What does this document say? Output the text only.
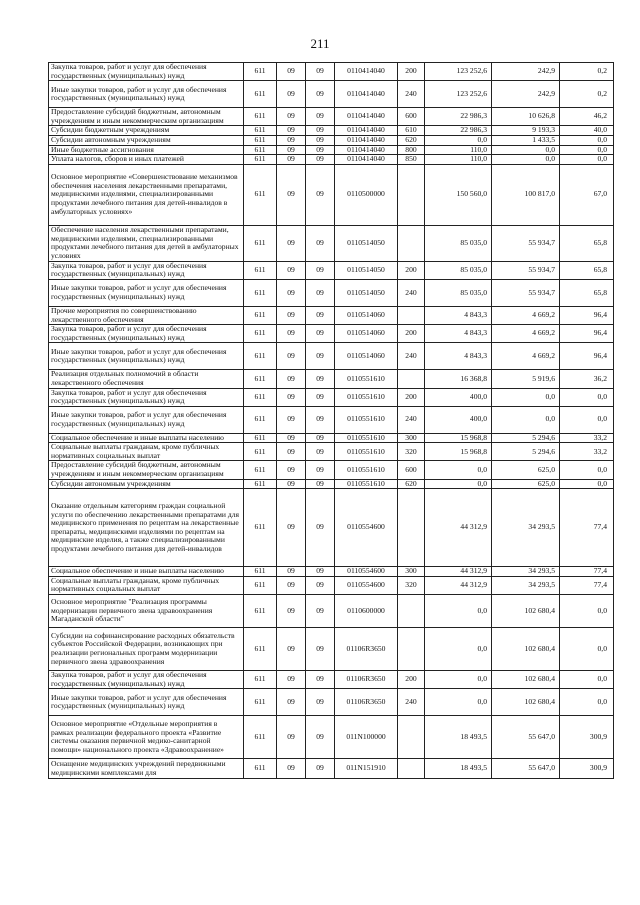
211
Закупка товаров, работ и услуг для обеспечения государственных (муниципальных) нужд	611	09	09	0110414040	200	123 252,6	242,9	0,2
Иные закупки товаров, работ и услуг для обеспечения государственных (муниципальных) нужд	611	09	09	0110414040	240	123 252,6	242,9	0,2
Предоставление субсидий бюджетным, автономным учреждениям и иным некоммерческим организациям	611	09	09	0110414040	600	22 986,3	10 626,8	46,2
Субсидии бюджетным учреждениям	611	09	09	0110414040	610	22 986,3	9 193,3	40,0
Субсидии автономным учреждениям	611	09	09	0110414040	620	0,0	1 433,5	0,0
Иные бюджетные ассигнования	611	09	09	0110414040	800	110,0	0,0	0,0
Уплата налогов, сборов и иных платежей	611	09	09	0110414040	850	110,0	0,0	0,0
Основное мероприятие «Совершенствование механизмов обеспечения населения лекарственными препаратами, медицинскими изделиями, специализированными продуктами лечебного питания для детей-инвалидов в амбулаторных условиях»	611	09	09	0110500000		150 560,0	100 817,0	67,0
Обеспечение населения лекарственными препаратами, медицинскими изделиями, специализированными продуктами лечебного питания для детей в амбулаторных условиях	611	09	09	0110514050		85 035,0	55 934,7	65,8
Закупка товаров, работ и услуг для обеспечения государственных (муниципальных) нужд	611	09	09	0110514050	200	85 035,0	55 934,7	65,8
Иные закупки товаров, работ и услуг для обеспечения государственных (муниципальных) нужд	611	09	09	0110514050	240	85 035,0	55 934,7	65,8
Прочие мероприятия по совершенствованию лекарственного обеспечения	611	09	09	0110514060		4 843,3	4 669,2	96,4
Закупка товаров, работ и услуг для обеспечения государственных (муниципальных) нужд	611	09	09	0110514060	200	4 843,3	4 669,2	96,4
Иные закупки товаров, работ и услуг для обеспечения государственных (муниципальных) нужд	611	09	09	0110514060	240	4 843,3	4 669,2	96,4
Реализация отдельных полномочий в области лекарственного обеспечения	611	09	09	0110551610		16 368,8	5 919,6	36,2
Закупка товаров, работ и услуг для обеспечения государственных (муниципальных) нужд	611	09	09	0110551610	200	400,0	0,0	0,0
Иные закупки товаров, работ и услуг для обеспечения государственных (муниципальных) нужд	611	09	09	0110551610	240	400,0	0,0	0,0
Социальное обеспечение и иные выплаты населению	611	09	09	0110551610	300	15 968,8	5 294,6	33,2
Социальные выплаты гражданам, кроме публичных нормативных социальных выплат	611	09	09	0110551610	320	15 968,8	5 294,6	33,2
Предоставление субсидий бюджетным, автономным учреждениям и иным некоммерческим организациям	611	09	09	0110551610	600	0,0	625,0	0,0
Субсидии автономным учреждениям	611	09	09	0110551610	620	0,0	625,0	0,0
Оказание отдельным категориям граждан социальной услуги по обеспечению лекарственными препаратами для медицинского применения по рецептам на лекарственные препараты, медицинскими изделиями по рецептам на медицинские изделия, а также специализированными продуктами лечебного питания для детей-инвалидов	611	09	09	0110554600		44 312,9	34 293,5	77,4
Социальное обеспечение и иные выплаты населению	611	09	09	0110554600	300	44 312,9	34 293,5	77,4
Социальные выплаты гражданам, кроме публичных нормативных социальных выплат	611	09	09	0110554600	320	44 312,9	34 293,5	77,4
Основное мероприятие "Реализация программы модернизации первичного звена здравоохранения Магаданской области"	611	09	09	0110600000		0,0	102 680,4	0,0
Субсидии на софинансирование расходных обязательств субъектов Российской Федерации, возникающих при реализации региональных программ модернизации первичного звена здравоохранения	611	09	09	01106R3650		0,0	102 680,4	0,0
Закупка товаров, работ и услуг для обеспечения государственных (муниципальных) нужд	611	09	09	01106R3650	200	0,0	102 680,4	0,0
Иные закупки товаров, работ и услуг для обеспечения государственных (муниципальных) нужд	611	09	09	01106R3650	240	0,0	102 680,4	0,0
Основное мероприятие «Отдельные мероприятия в рамках реализации федерального проекта «Развитие системы оказания первичной медико-санитарной помощи» национального проекта «Здравоохранение»	611	09	09	011N100000		18 493,5	55 647,0	300,9
Оснащение медицинских учреждений передвижными медицинскими комплексами для	611	09	09	011N151910		18 493,5	55 647,0	300,9
